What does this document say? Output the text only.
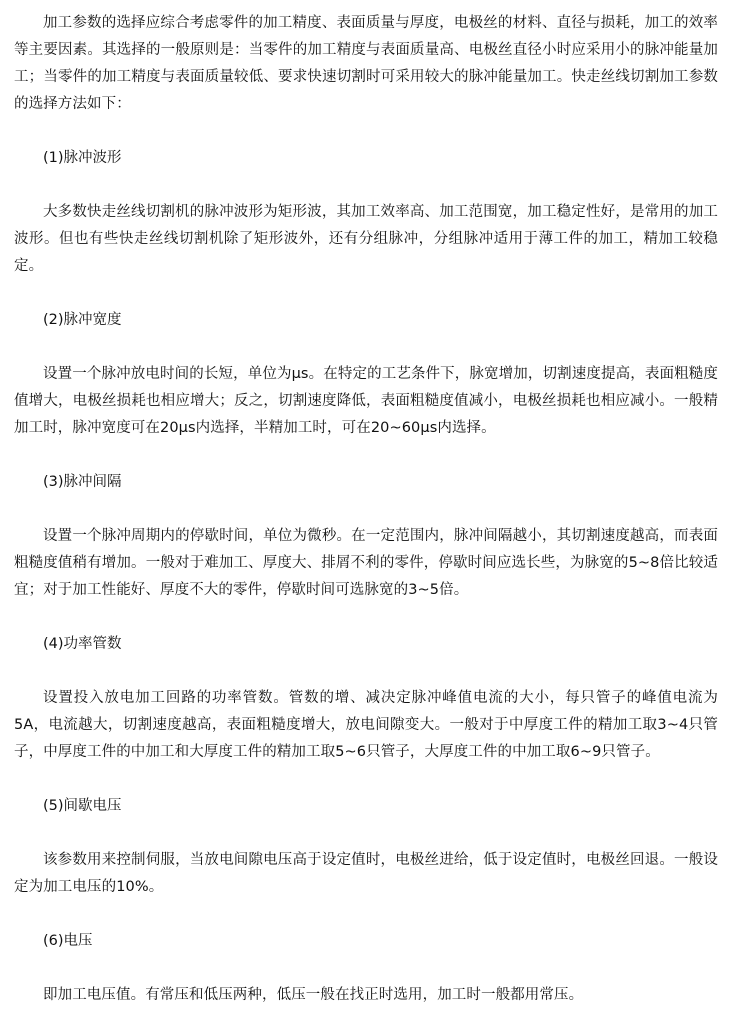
加工参数的选择应综合考虑零件的加工精度、表面质量与厚度，电极丝的材料、直径与损耗，加工的效率等主要因素。其选择的一般原则是：当零件的加工精度与表面质量高、电极丝直径小时应采用小的脉冲能量加工；当零件的加工精度与表面质量较低、要求快速切割时可采用较大的脉冲能量加工。快走丝线切割加工参数的选择方法如下：

(1)脉冲波形

大多数快走丝线切割机的脉冲波形为矩形波，其加工效率高、加工范围宽，加工稳定性好，是常用的加工波形。但也有些快走丝线切割机除了矩形波外，还有分组脉冲，分组脉冲适用于薄工件的加工，精加工较稳定。

(2)脉冲宽度

设置一个脉冲放电时间的长短，单位为μs。在特定的工艺条件下，脉宽增加，切割速度提高，表面粗糙度值增大，电极丝损耗也相应增大；反之，切割速度降低，表面粗糙度值减小，电极丝损耗也相应减小。一般精加工时，脉冲宽度可在20μs内选择，半精加工时，可在20~60μs内选择。

(3)脉冲间隔

设置一个脉冲周期内的停歇时间，单位为微秒。在一定范围内，脉冲间隔越小，其切割速度越高，而表面粗糙度值稍有增加。一般对于难加工、厚度大、排屑不利的零件，停歇时间应选长些，为脉宽的5~8倍比较适宜；对于加工性能好、厚度不大的零件，停歇时间可选脉宽的3~5倍。

(4)功率管数

设置投入放电加工回路的功率管数。管数的增、减决定脉冲峰值电流的大小，每只管子的峰值电流为5A，电流越大，切割速度越高，表面粗糙度增大，放电间隙变大。一般对于中厚度工件的精加工取3~4只管子，中厚度工件的中加工和大厚度工件的精加工取5~6只管子，大厚度工件的中加工取6~9只管子。

(5)间歇电压

该参数用来控制伺服，当放电间隙电压高于设定值时，电极丝进给，低于设定值时，电极丝回退。一般设定为加工电压的10%。

(6)电压

即加工电压值。有常压和低压两种，低压一般在找正时选用，加工时一般都用常压。
